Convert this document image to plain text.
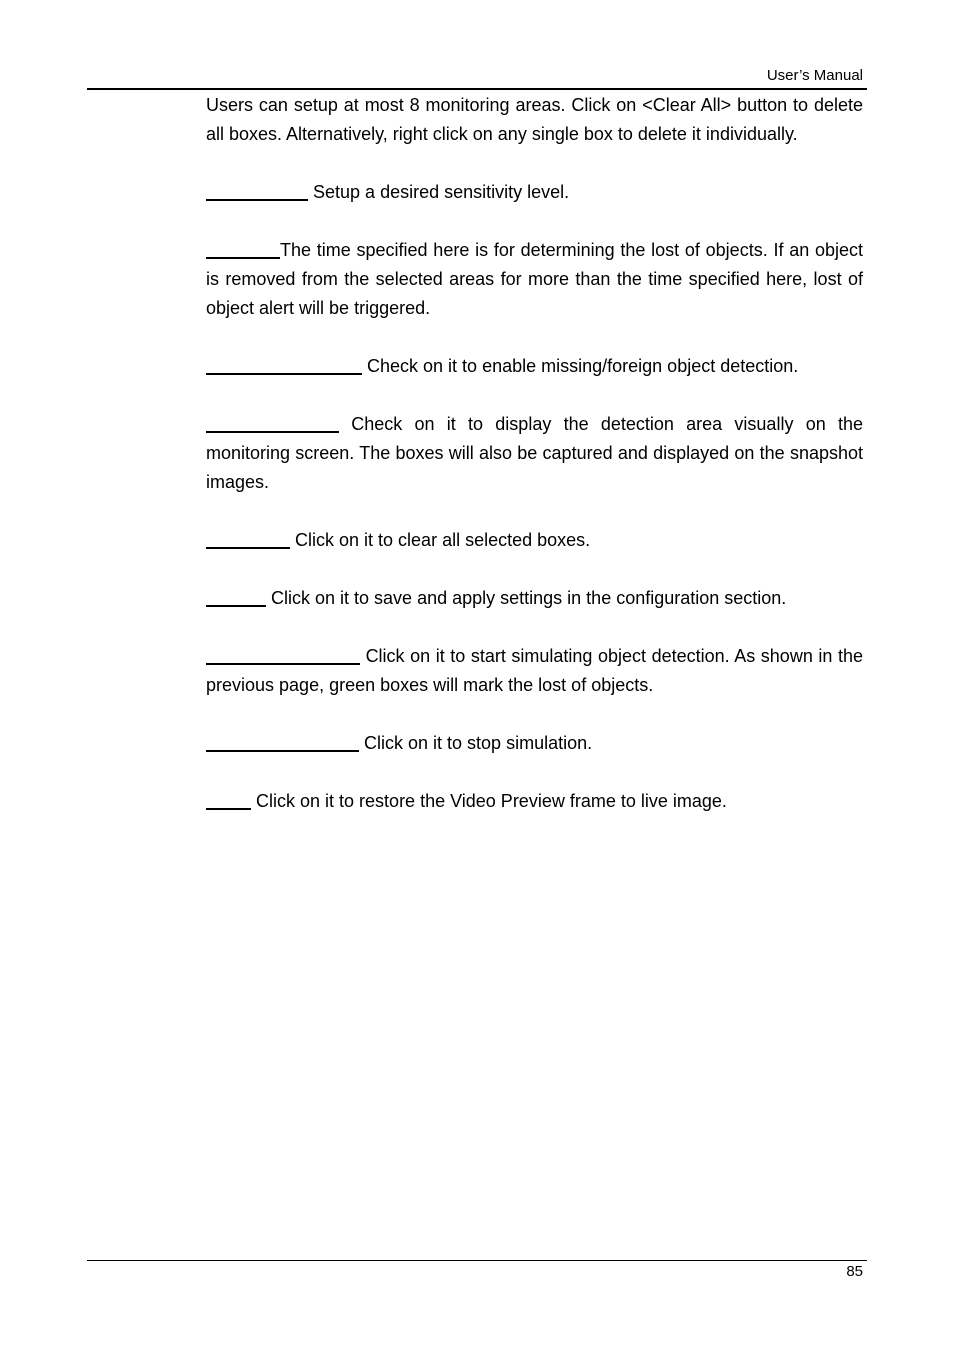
User’s Manual

Users can setup at most 8 monitoring areas. Click on <Clear All> button to delete all boxes. Alternatively, right click on any single box to delete it individually.

Setup a desired sensitivity level.

The time specified here is for determining the lost of objects. If an object is removed from the selected areas for more than the time specified here, lost of object alert will be triggered.

Check on it to enable missing/foreign object detection.

Check on it to display the detection area visually on the monitoring screen. The boxes will also be captured and displayed on the snapshot images.

Click on it to clear all selected boxes.

Click on it to save and apply settings in the configuration section.

Click on it to start simulating object detection. As shown in the previous page, green boxes will mark the lost of objects.

Click on it to stop simulation.

Click on it to restore the Video Preview frame to live image.

85
